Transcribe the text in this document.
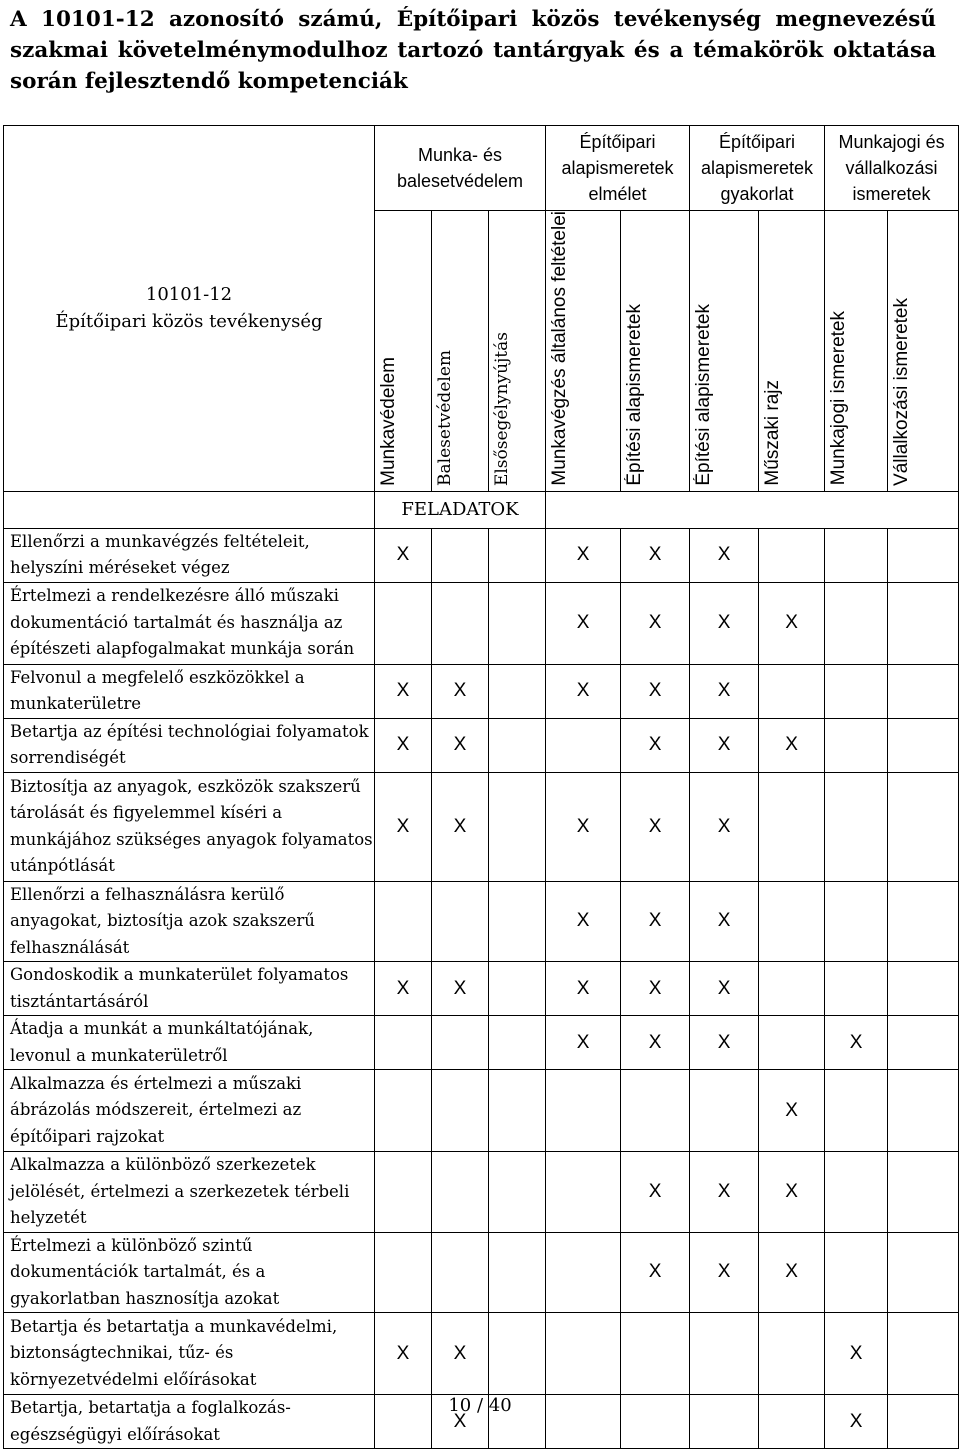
A 10101-12 azonosító számú, Építőipari közös tevékenység megnevezésű szakmai követelménymodulhoz tartozó tantárgyak és a témakörök oktatása során fejlesztendő kompetenciák

10101-12
Építőipari közös tevékenység	Munka- és balesetvédelem			Építőipari alapismeretek elmélet		Építőipari alapismeretek gyakorlat		Munkajogi és vállalkozási ismeretek	
	Munkavédelem	Balesetvédelem	Elsősegélynyújtás	Munkavégzés általános feltételei	Építési alapismeretek	Építési alapismeretek	Műszaki rajz	Munkajogi ismeretek	Vállalkozási ismeretek
	FELADATOK								
Ellenőrzi a munkavégzés feltételeit, helyszíni méréseket végez	X			X	X	X			
Értelmezi a rendelkezésre álló műszaki dokumentáció tartalmát és használja az építészeti alapfogalmakat munkája során				X	X	X	X		
Felvonul a megfelelő eszközökkel a munkaterületre	X	X		X	X	X			
Betartja az építési technológiai folyamatok sorrendiségét	X	X			X	X	X		
Biztosítja az anyagok, eszközök szakszerű tárolását és figyelemmel kíséri a munkájához szükséges anyagok folyamatos utánpótlását	X	X		X	X	X			
Ellenőrzi a felhasználásra kerülő anyagokat, biztosítja azok szakszerű felhasználását				X	X	X			
Gondoskodik a munkaterület folyamatos tisztántartásáról	X	X		X	X	X			
Átadja a munkát a munkáltatójának, levonul a munkaterületről				X	X	X		X	
Alkalmazza és értelmezi a műszaki ábrázolás módszereit, értelmezi az építőipari rajzokat							X		
Alkalmazza a különböző szerkezetek jelölését, értelmezi a szerkezetek térbeli helyzetét					X	X	X		
Értelmezi a különböző szintű dokumentációk tartalmát, és a gyakorlatban hasznosítja azokat					X	X	X		
Betartja és betartatja a munkavédelmi, biztonságtechnikai, tűz- és környezetvédelmi előírásokat	X	X						X	
Betartja, betartatja a foglalkozás-egészségügyi előírásokat		X						X	
10 / 40
